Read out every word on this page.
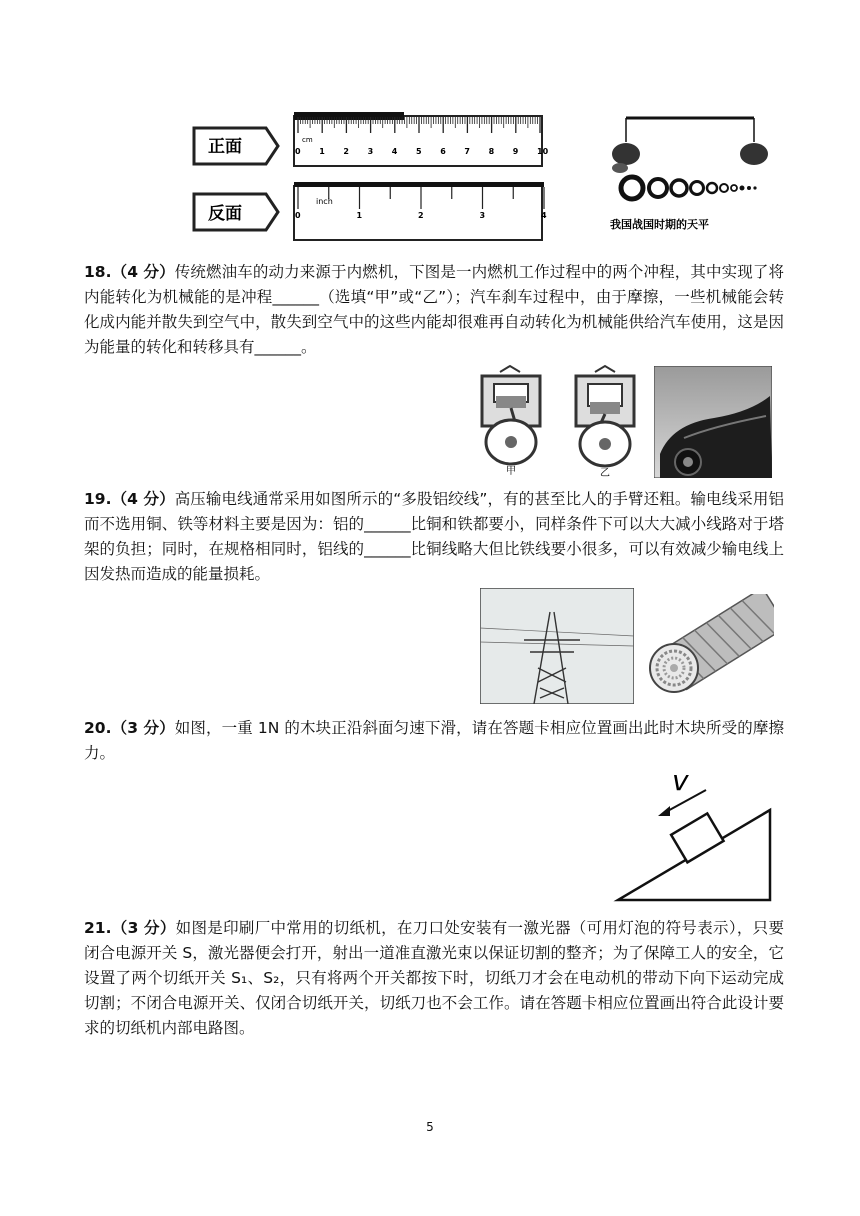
正面
反面
0 1 2 3 4 5 6 7 8 9 10
cm
0	1	2	3	4
inch
我国战国时期的天平
18.（4 分）传统燃油车的动力来源于内燃机，下图是一内燃机工作过程中的两个冲程，其中实现了将内能转化为机械能的是冲程______（选填“甲”或“乙”）；汽车刹车过程中，由于摩擦，一些机械能会转化成内能并散失到空气中，散失到空气中的这些内能却很难再自动转化为机械能供给汽车使用，这是因为能量的转化和转移具有______。
甲	乙
19.（4 分）高压输电线通常采用如图所示的“多股铝绞线”，有的甚至比人的手臂还粗。输电线采用铝而不选用铜、铁等材料主要是因为：铝的______比铜和铁都要小，同样条件下可以大大减小线路对于塔架的负担；同时，在规格相同时，铝线的______比铜线略大但比铁线要小很多，可以有效减少输电线上因发热而造成的能量损耗。
20.（3 分）如图，一重 1N 的木块正沿斜面匀速下滑，请在答题卡相应位置画出此时木块所受的摩擦力。
v
21.（3 分）如图是印刷厂中常用的切纸机，在刀口处安装有一激光器（可用灯泡的符号表示），只要闭合电源开关 S，激光器便会打开，射出一道准直激光束以保证切割的整齐；为了保障工人的安全，它设置了两个切纸开关 S₁、S₂，只有将两个开关都按下时，切纸刀才会在电动机的带动下向下运动完成切割；不闭合电源开关、仅闭合切纸开关，切纸刀也不会工作。请在答题卡相应位置画出符合此设计要求的切纸机内部电路图。
5
